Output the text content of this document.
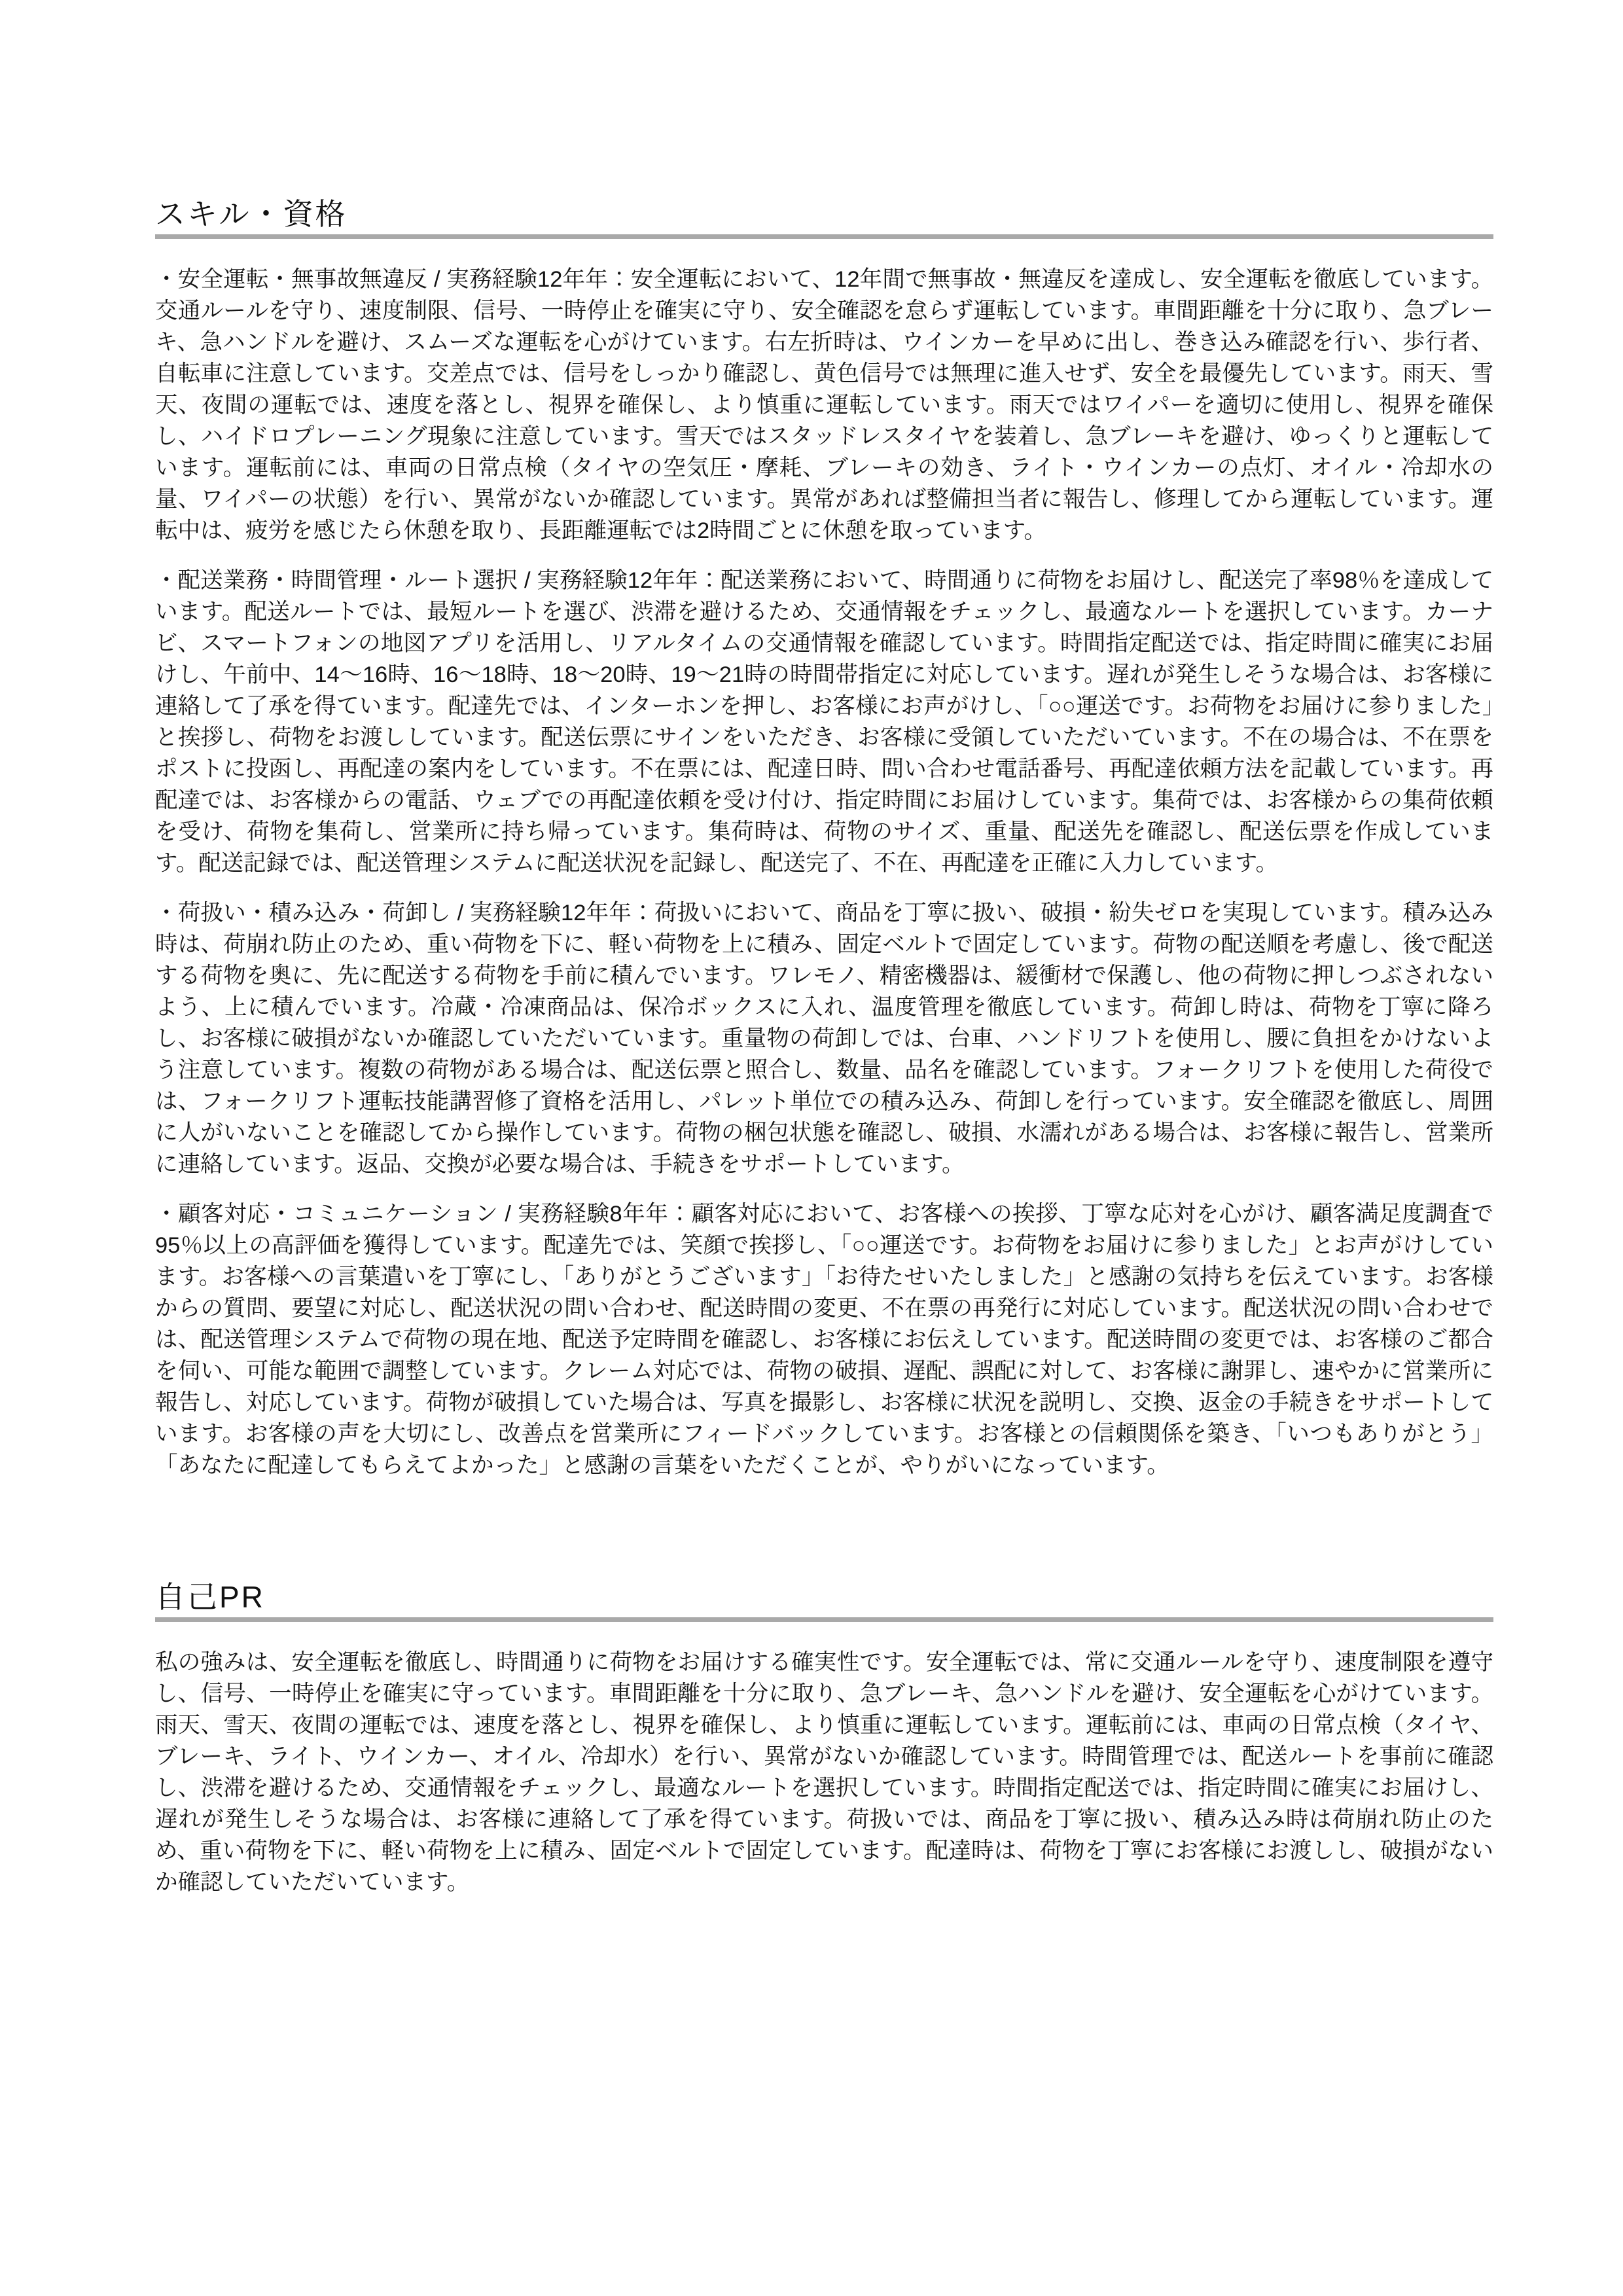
スキル・資格

・安全運転・無事故無違反 / 実務経験12年年：安全運転において、12年間で無事故・無違反を達成し、安全運転を徹底しています。交通ルールを守り、速度制限、信号、一時停止を確実に守り、安全確認を怠らず運転しています。車間距離を十分に取り、急ブレーキ、急ハンドルを避け、スムーズな運転を心がけています。右左折時は、ウインカーを早めに出し、巻き込み確認を行い、歩行者、自転車に注意しています。交差点では、信号をしっかり確認し、黄色信号では無理に進入せず、安全を最優先しています。雨天、雪天、夜間の運転では、速度を落とし、視界を確保し、より慎重に運転しています。雨天ではワイパーを適切に使用し、視界を確保し、ハイドロプレーニング現象に注意しています。雪天ではスタッドレスタイヤを装着し、急ブレーキを避け、ゆっくりと運転しています。運転前には、車両の日常点検（タイヤの空気圧・摩耗、ブレーキの効き、ライト・ウインカーの点灯、オイル・冷却水の量、ワイパーの状態）を行い、異常がないか確認しています。異常があれば整備担当者に報告し、修理してから運転しています。運転中は、疲労を感じたら休憩を取り、長距離運転では2時間ごとに休憩を取っています。

・配送業務・時間管理・ルート選択 / 実務経験12年年：配送業務において、時間通りに荷物をお届けし、配送完了率98％を達成しています。配送ルートでは、最短ルートを選び、渋滞を避けるため、交通情報をチェックし、最適なルートを選択しています。カーナビ、スマートフォンの地図アプリを活用し、リアルタイムの交通情報を確認しています。時間指定配送では、指定時間に確実にお届けし、午前中、14〜16時、16〜18時、18〜20時、19〜21時の時間帯指定に対応しています。遅れが発生しそうな場合は、お客様に連絡して了承を得ています。配達先では、インターホンを押し、お客様にお声がけし、「○○運送です。お荷物をお届けに参りました」と挨拶し、荷物をお渡ししています。配送伝票にサインをいただき、お客様に受領していただいています。不在の場合は、不在票をポストに投函し、再配達の案内をしています。不在票には、配達日時、問い合わせ電話番号、再配達依頼方法を記載しています。再配達では、お客様からの電話、ウェブでの再配達依頼を受け付け、指定時間にお届けしています。集荷では、お客様からの集荷依頼を受け、荷物を集荷し、営業所に持ち帰っています。集荷時は、荷物のサイズ、重量、配送先を確認し、配送伝票を作成しています。配送記録では、配送管理システムに配送状況を記録し、配送完了、不在、再配達を正確に入力しています。

・荷扱い・積み込み・荷卸し / 実務経験12年年：荷扱いにおいて、商品を丁寧に扱い、破損・紛失ゼロを実現しています。積み込み時は、荷崩れ防止のため、重い荷物を下に、軽い荷物を上に積み、固定ベルトで固定しています。荷物の配送順を考慮し、後で配送する荷物を奥に、先に配送する荷物を手前に積んでいます。ワレモノ、精密機器は、緩衝材で保護し、他の荷物に押しつぶされないよう、上に積んでいます。冷蔵・冷凍商品は、保冷ボックスに入れ、温度管理を徹底しています。荷卸し時は、荷物を丁寧に降ろし、お客様に破損がないか確認していただいています。重量物の荷卸しでは、台車、ハンドリフトを使用し、腰に負担をかけないよう注意しています。複数の荷物がある場合は、配送伝票と照合し、数量、品名を確認しています。フォークリフトを使用した荷役では、フォークリフト運転技能講習修了資格を活用し、パレット単位での積み込み、荷卸しを行っています。安全確認を徹底し、周囲に人がいないことを確認してから操作しています。荷物の梱包状態を確認し、破損、水濡れがある場合は、お客様に報告し、営業所に連絡しています。返品、交換が必要な場合は、手続きをサポートしています。

・顧客対応・コミュニケーション / 実務経験8年年：顧客対応において、お客様への挨拶、丁寧な応対を心がけ、顧客満足度調査で95％以上の高評価を獲得しています。配達先では、笑顔で挨拶し、「○○運送です。お荷物をお届けに参りました」とお声がけしています。お客様への言葉遣いを丁寧にし、「ありがとうございます」「お待たせいたしました」と感謝の気持ちを伝えています。お客様からの質問、要望に対応し、配送状況の問い合わせ、配送時間の変更、不在票の再発行に対応しています。配送状況の問い合わせでは、配送管理システムで荷物の現在地、配送予定時間を確認し、お客様にお伝えしています。配送時間の変更では、お客様のご都合を伺い、可能な範囲で調整しています。クレーム対応では、荷物の破損、遅配、誤配に対して、お客様に謝罪し、速やかに営業所に報告し、対応しています。荷物が破損していた場合は、写真を撮影し、お客様に状況を説明し、交換、返金の手続きをサポートしています。お客様の声を大切にし、改善点を営業所にフィードバックしています。お客様との信頼関係を築き、「いつもありがとう」「あなたに配達してもらえてよかった」と感謝の言葉をいただくことが、やりがいになっています。

自己PR

私の強みは、安全運転を徹底し、時間通りに荷物をお届けする確実性です。安全運転では、常に交通ルールを守り、速度制限を遵守し、信号、一時停止を確実に守っています。車間距離を十分に取り、急ブレーキ、急ハンドルを避け、安全運転を心がけています。雨天、雪天、夜間の運転では、速度を落とし、視界を確保し、より慎重に運転しています。運転前には、車両の日常点検（タイヤ、ブレーキ、ライト、ウインカー、オイル、冷却水）を行い、異常がないか確認しています。時間管理では、配送ルートを事前に確認し、渋滞を避けるため、交通情報をチェックし、最適なルートを選択しています。時間指定配送では、指定時間に確実にお届けし、遅れが発生しそうな場合は、お客様に連絡して了承を得ています。荷扱いでは、商品を丁寧に扱い、積み込み時は荷崩れ防止のため、重い荷物を下に、軽い荷物を上に積み、固定ベルトで固定しています。配達時は、荷物を丁寧にお客様にお渡しし、破損がないか確認していただいています。
